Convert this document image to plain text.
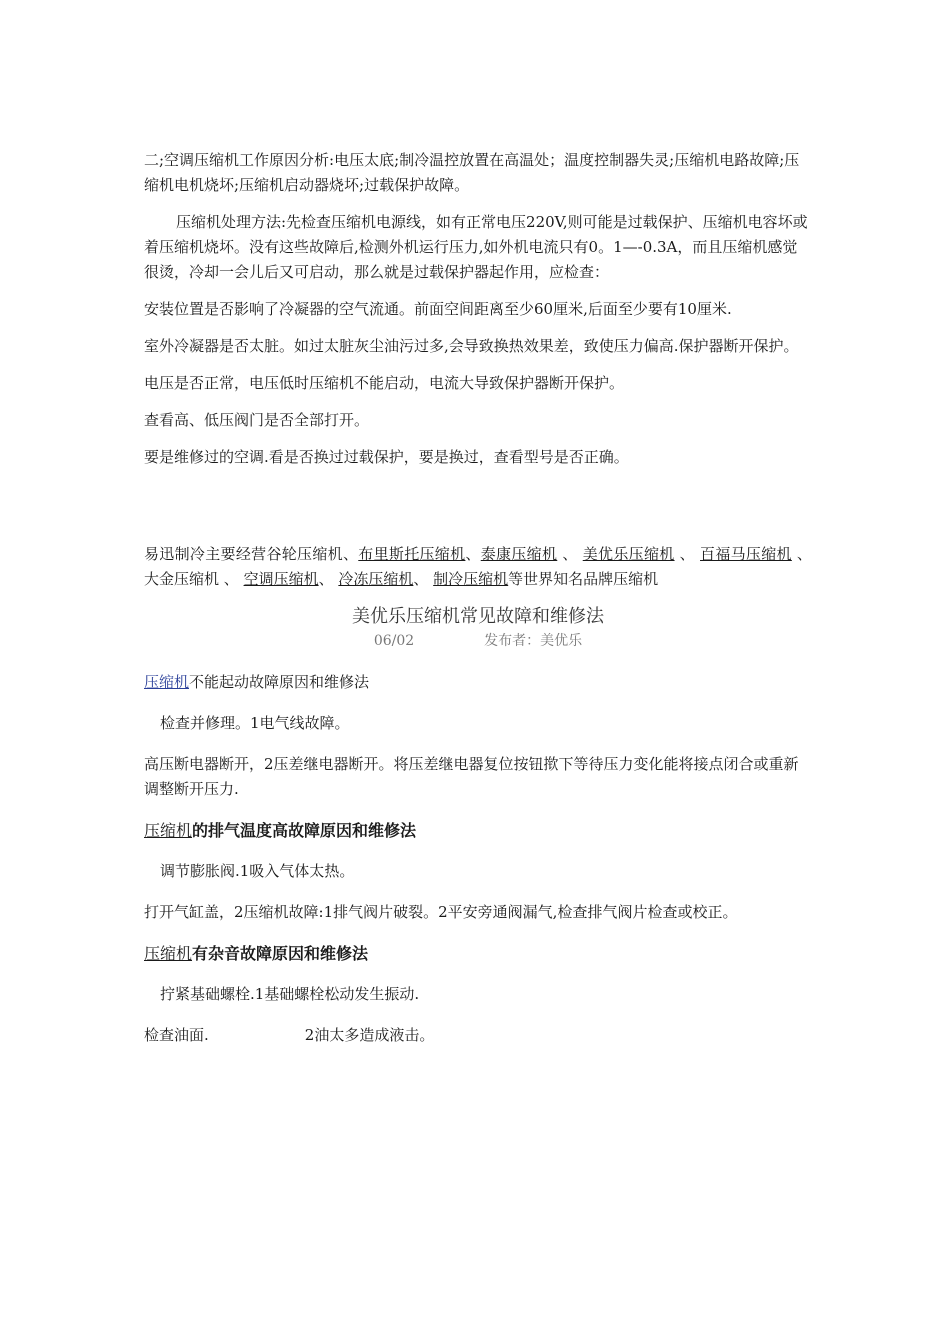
二;空调压缩机工作原因分析:电压太底;制冷温控放置在高温处；温度控制器失灵;压缩机电路故障;压缩机电机烧坏;压缩机启动器烧坏;过载保护故障。

压缩机处理方法:先检查压缩机电源线，如有正常电压220V,则可能是过载保护、压缩机电容坏或着压缩机烧坏。没有这些故障后,检测外机运行压力,如外机电流只有0。1—-0.3A，而且压缩机感觉很烫，冷却一会儿后又可启动，那么就是过载保护器起作用，应检查：

安装位置是否影响了冷凝器的空气流通。前面空间距离至少60厘米,后面至少要有10厘米.

室外冷凝器是否太脏。如过太脏灰尘油污过多,会导致换热效果差，致使压力偏高.保护器断开保护。

电压是否正常，电压低时压缩机不能启动，电流大导致保护器断开保护。

查看高、低压阀门是否全部打开。

要是维修过的空调.看是否换过过载保护，要是换过，查看型号是否正确。

易迅制冷主要经营谷轮压缩机、布里斯托压缩机、泰康压缩机 、 美优乐压缩机 、 百福马压缩机 、 大金压缩机 、 空调压缩机、 冷冻压缩机、 制冷压缩机等世界知名品牌压缩机

美优乐压缩机常见故障和维修法
06/02	发布者：美优乐

压缩机不能起动故障原因和维修法

检查并修理。1电气线故障。

高压断电器断开，2压差继电器断开。将压差继电器复位按钮揿下等待压力变化能将接点闭合或重新调整断开压力.

压缩机的排气温度高故障原因和维修法

调节膨胀阀.1吸入气体太热。

打开气缸盖，2压缩机故障:1排气阀片破裂。2平安旁通阀漏气,检查排气阀片检查或校正。

压缩机有杂音故障原因和维修法

拧紧基础螺栓.1基础螺栓松动发生振动.

检查油面.	2油太多造成液击。
